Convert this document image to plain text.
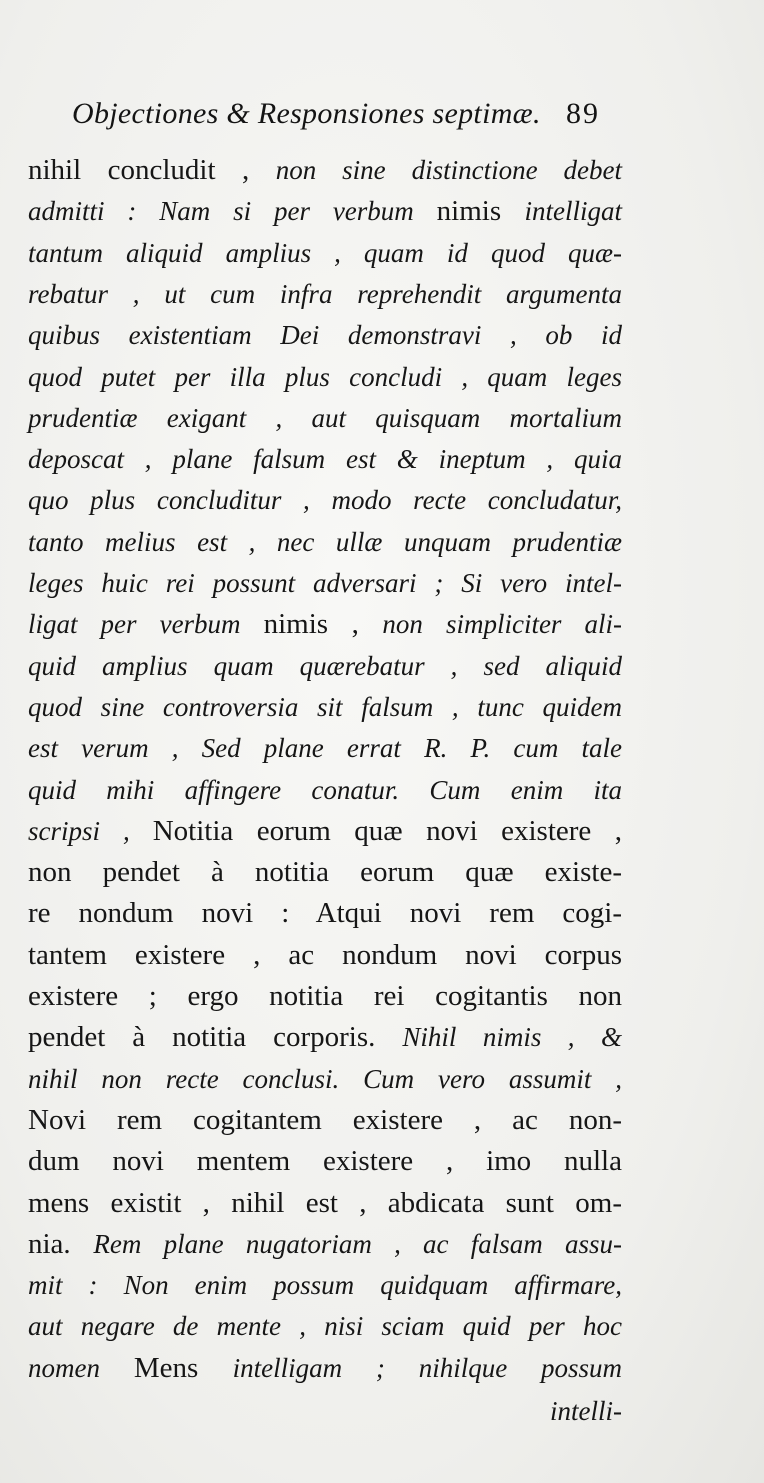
Objectiones & Responsiones septimæ. 89
nihil concludit , non sine distinctione debet
admitti : Nam si per verbum nimis intelligat
tantum aliquid amplius , quam id quod quæ-
rebatur , ut cum infra reprehendit argumenta
quibus existentiam Dei demonstravi , ob id
quod putet per illa plus concludi , quam leges
prudentiæ exigant , aut quisquam mortalium
deposcat , plane falsum est & ineptum , quia
quo plus concluditur , modo recte concludatur,
tanto melius est , nec ullæ unquam prudentiæ
leges huic rei possunt adversari ; Si vero intel-
ligat per verbum nimis , non simpliciter ali-
quid amplius quam quærebatur , sed aliquid
quod sine controversia sit falsum , tunc quidem
est verum , Sed plane errat R. P. cum tale
quid mihi affingere conatur. Cum enim ita
scripsi , Notitia eorum quæ novi existere ,
non pendet à notitia eorum quæ existe-
re nondum novi : Atqui novi rem cogi-
tantem existere , ac nondum novi corpus
existere ; ergo notitia rei cogitantis non
pendet à notitia corporis. Nihil nimis , &
nihil non recte conclusi. Cum vero assumit ,
Novi rem cogitantem existere , ac non-
dum novi mentem existere , imo nulla
mens existit , nihil est , abdicata sunt om-
nia. Rem plane nugatoriam , ac falsam assu-
mit : Non enim possum quidquam affirmare,
aut negare de mente , nisi sciam quid per hoc
nomen Mens intelligam ; nihilque possum
intelli-
